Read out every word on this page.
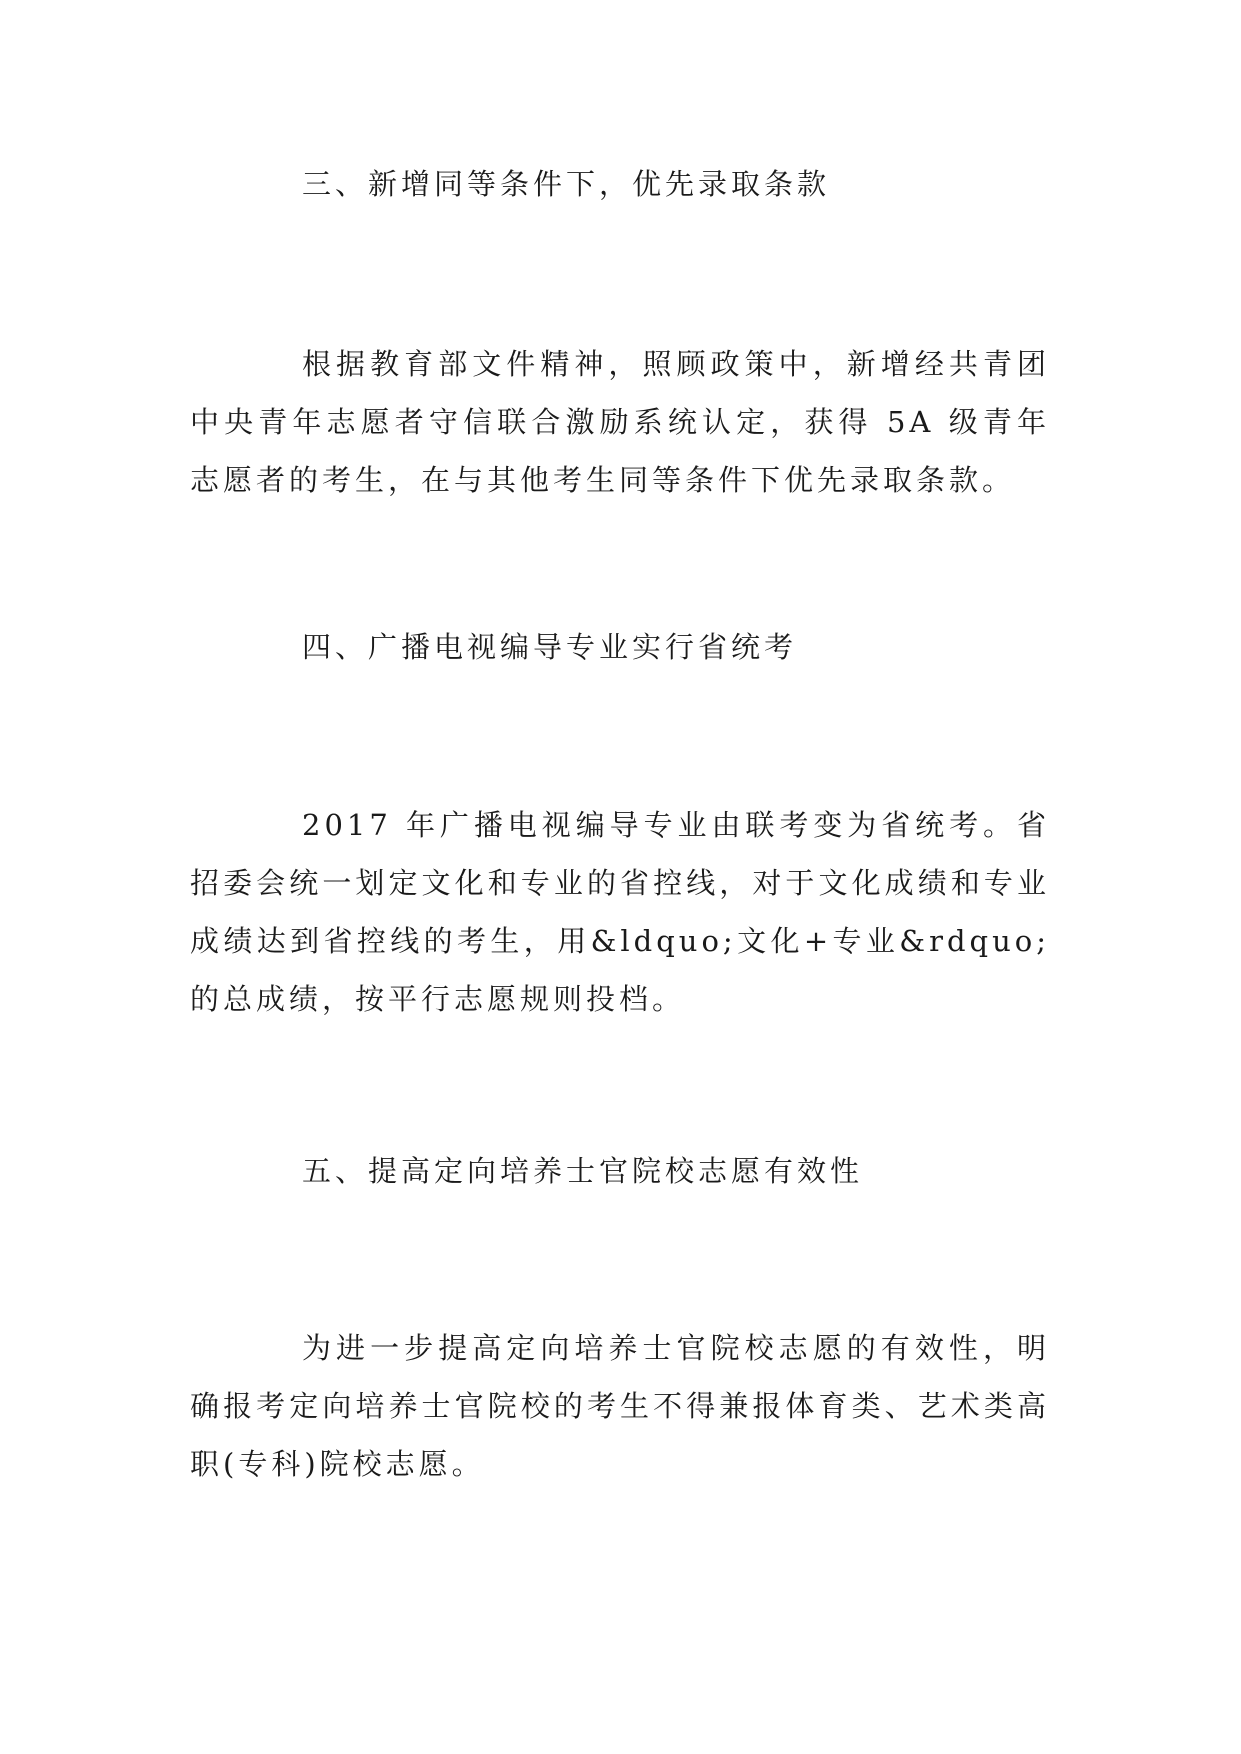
三、新增同等条件下，优先录取条款

根据教育部文件精神，照顾政策中，新增经共青团中央青年志愿者守信联合激励系统认定，获得 5A 级青年志愿者的考生，在与其他考生同等条件下优先录取条款。

四、广播电视编导专业实行省统考

2017 年广播电视编导专业由联考变为省统考。省招委会统一划定文化和专业的省控线，对于文化成绩和专业成绩达到省控线的考生，用&ldquo;文化+专业&rdquo;的总成绩，按平行志愿规则投档。

五、提高定向培养士官院校志愿有效性

为进一步提高定向培养士官院校志愿的有效性，明确报考定向培养士官院校的考生不得兼报体育类、艺术类高职(专科)院校志愿。
